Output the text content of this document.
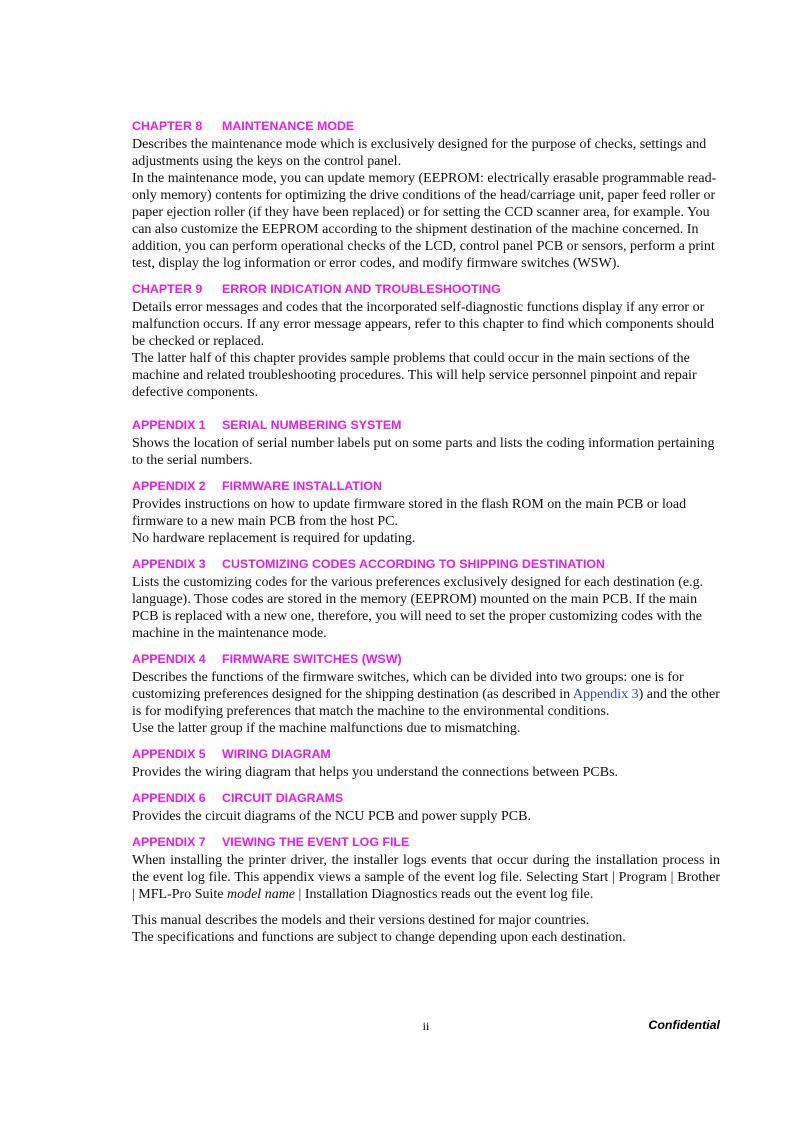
CHAPTER 8 MAINTENANCE MODE

Describes the maintenance mode which is exclusively designed for the purpose of checks, settings and adjustments using the keys on the control panel.

In the maintenance mode, you can update memory (EEPROM: electrically erasable programmable read-only memory) contents for optimizing the drive conditions of the head/carriage unit, paper feed roller or paper ejection roller (if they have been replaced) or for setting the CCD scanner area, for example. You can also customize the EEPROM according to the shipment destination of the machine concerned. In addition, you can perform operational checks of the LCD, control panel PCB or sensors, perform a print test, display the log information or error codes, and modify firmware switches (WSW).

CHAPTER 9 ERROR INDICATION AND TROUBLESHOOTING

Details error messages and codes that the incorporated self-diagnostic functions display if any error or malfunction occurs. If any error message appears, refer to this chapter to find which components should be checked or replaced.

The latter half of this chapter provides sample problems that could occur in the main sections of the machine and related troubleshooting procedures. This will help service personnel pinpoint and repair defective components.

APPENDIX 1 SERIAL NUMBERING SYSTEM

Shows the location of serial number labels put on some parts and lists the coding information pertaining to the serial numbers.

APPENDIX 2 FIRMWARE INSTALLATION

Provides instructions on how to update firmware stored in the flash ROM on the main PCB or load firmware to a new main PCB from the host PC.

No hardware replacement is required for updating.

APPENDIX 3 CUSTOMIZING CODES ACCORDING TO SHIPPING DESTINATION

Lists the customizing codes for the various preferences exclusively designed for each destination (e.g. language). Those codes are stored in the memory (EEPROM) mounted on the main PCB. If the main PCB is replaced with a new one, therefore, you will need to set the proper customizing codes with the machine in the maintenance mode.

APPENDIX 4 FIRMWARE SWITCHES (WSW)

Describes the functions of the firmware switches, which can be divided into two groups: one is for customizing preferences designed for the shipping destination (as described in Appendix 3) and the other is for modifying preferences that match the machine to the environmental conditions.

Use the latter group if the machine malfunctions due to mismatching.

APPENDIX 5 WIRING DIAGRAM

Provides the wiring diagram that helps you understand the connections between PCBs.

APPENDIX 6 CIRCUIT DIAGRAMS

Provides the circuit diagrams of the NCU PCB and power supply PCB.

APPENDIX 7 VIEWING THE EVENT LOG FILE

When installing the printer driver, the installer logs events that occur during the installation process in the event log file. This appendix views a sample of the event log file. Selecting Start | Program | Brother | MFL-Pro Suite model name | Installation Diagnostics reads out the event log file.

This manual describes the models and their versions destined for major countries.

The specifications and functions are subject to change depending upon each destination.

ii	Confidential
